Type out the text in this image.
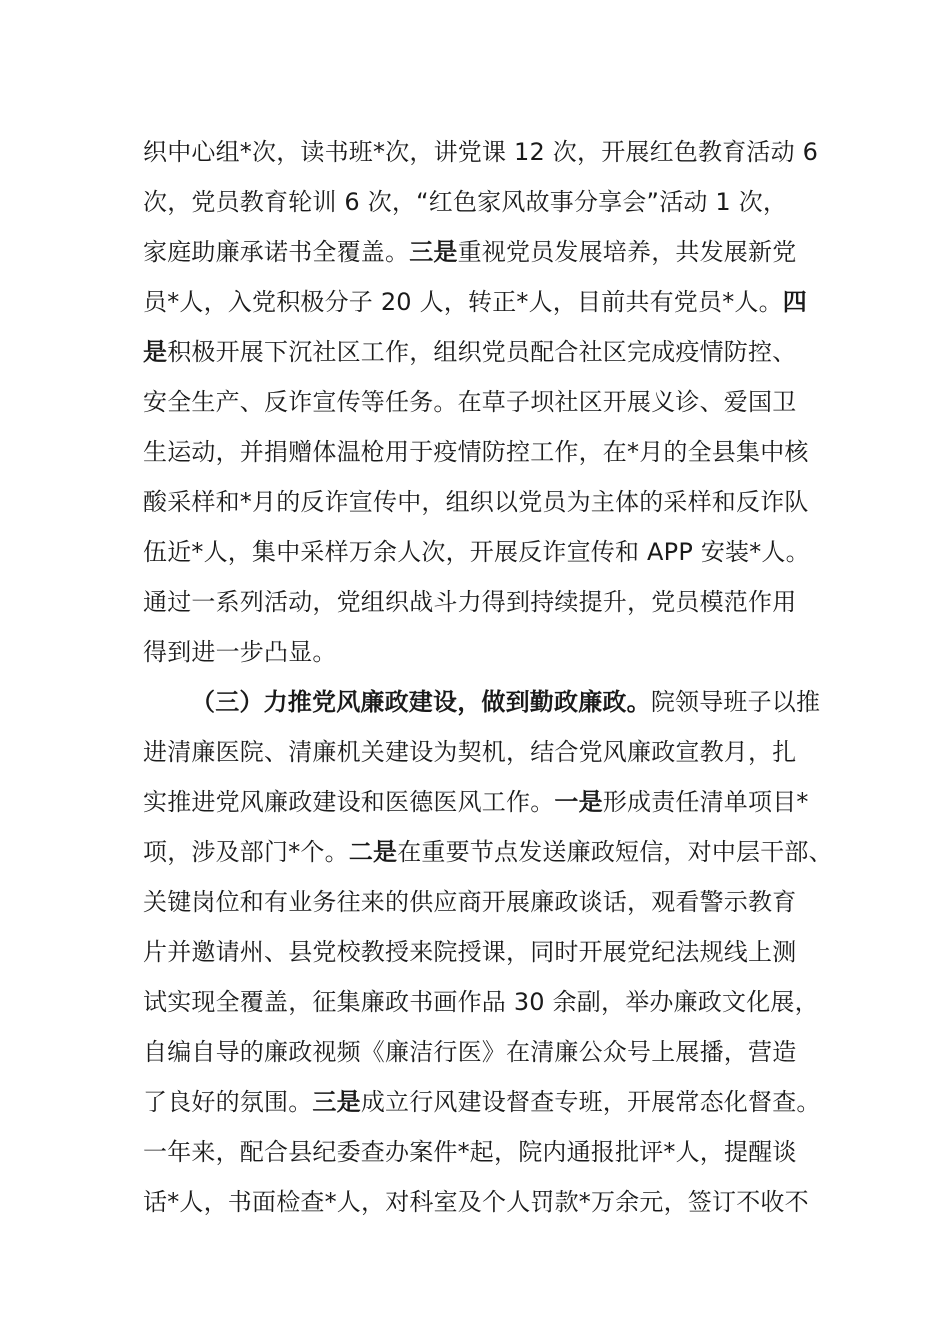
织中心组*次，读书班*次，讲党课 12 次，开展红色教育活动 6
次，党员教育轮训 6 次，“红色家风故事分享会”活动 1 次，
家庭助廉承诺书全覆盖。三是重视党员发展培养，共发展新党
员*人，入党积极分子 20 人，转正*人，目前共有党员*人。四
是积极开展下沉社区工作，组织党员配合社区完成疫情防控、
安全生产、反诈宣传等任务。在草子坝社区开展义诊、爱国卫
生运动，并捐赠体温枪用于疫情防控工作，在*月的全县集中核
酸采样和*月的反诈宣传中，组织以党员为主体的采样和反诈队
伍近*人，集中采样万余人次，开展反诈宣传和 APP 安装*人。
通过一系列活动，党组织战斗力得到持续提升，党员模范作用
得到进一步凸显。
（三）力推党风廉政建设，做到勤政廉政。院领导班子以推
进清廉医院、清廉机关建设为契机，结合党风廉政宣教月，扎
实推进党风廉政建设和医德医风工作。一是形成责任清单项目*
项，涉及部门*个。二是在重要节点发送廉政短信，对中层干部、
关键岗位和有业务往来的供应商开展廉政谈话，观看警示教育
片并邀请州、县党校教授来院授课，同时开展党纪法规线上测
试实现全覆盖，征集廉政书画作品 30 余副，举办廉政文化展，
自编自导的廉政视频《廉洁行医》在清廉公众号上展播，营造
了良好的氛围。三是成立行风建设督查专班，开展常态化督查。
一年来，配合县纪委查办案件*起，院内通报批评*人，提醒谈
话*人，书面检查*人，对科室及个人罚款*万余元，签订不收不
